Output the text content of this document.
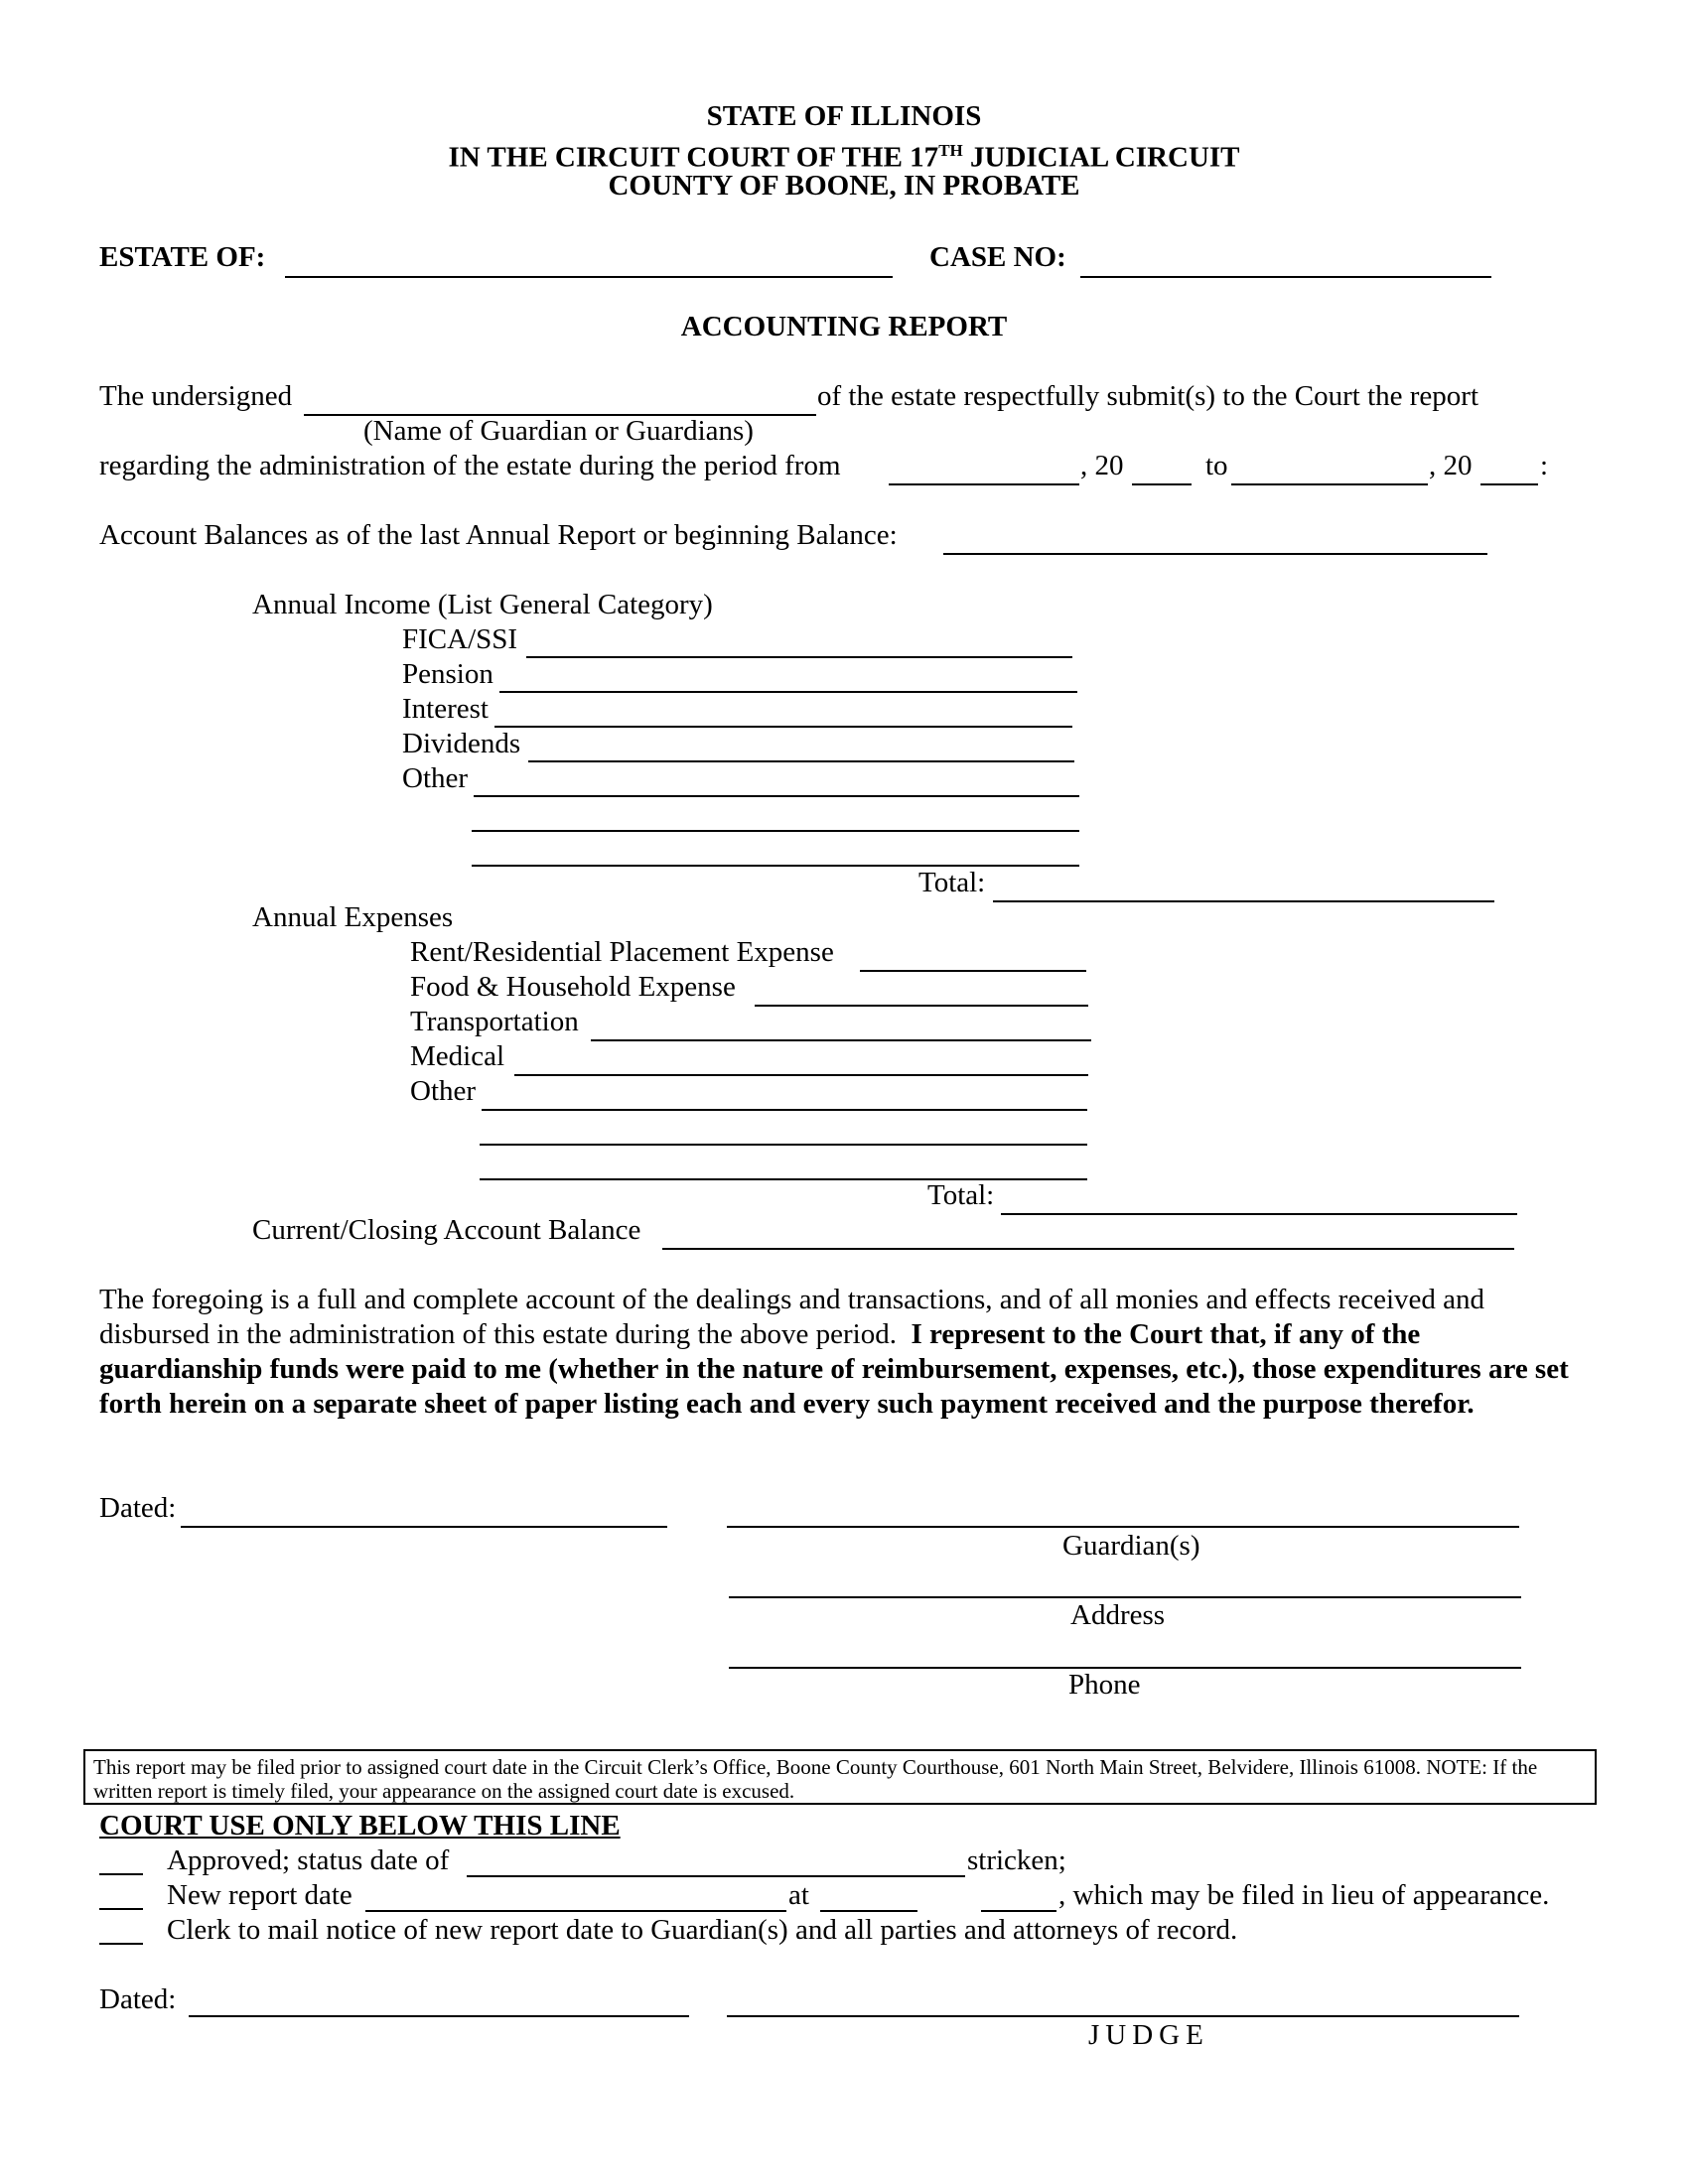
STATE OF ILLINOIS
IN THE CIRCUIT COURT OF THE 17TH JUDICIAL CIRCUIT
COUNTY OF BOONE, IN PROBATE
ESTATE OF:	CASE NO:
ACCOUNTING REPORT
The undersigned	of the estate respectfully submit(s) to the Court the report
(Name of Guardian or Guardians)
regarding the administration of the estate during the period from	, 20	to	, 20 :
Account Balances as of the last Annual Report or beginning Balance:
Annual Income (List General Category)
FICA/SSI
Pension
Interest
Dividends
Other
Total:
Annual Expenses
Rent/Residential Placement Expense
Food & Household Expense
Transportation
Medical
Other
Total:
Current/Closing Account Balance
The foregoing is a full and complete account of the dealings and transactions, and of all monies and effects received and disbursed in the administration of this estate during the above period. I represent to the Court that, if any of the guardianship funds were paid to me (whether in the nature of reimbursement, expenses, etc.), those expenditures are set forth herein on a separate sheet of paper listing each and every such payment received and the purpose therefor.
Dated:
Guardian(s)
Address
Phone
This report may be filed prior to assigned court date in the Circuit Clerk’s Office, Boone County Courthouse, 601 North Main Street, Belvidere, Illinois 61008. NOTE: If the written report is timely filed, your appearance on the assigned court date is excused.
COURT USE ONLY BELOW THIS LINE
Approved; status date of	stricken;
New report date	at	, which may be filed in lieu of appearance.
Clerk to mail notice of new report date to Guardian(s) and all parties and attorneys of record.
Dated:
JUDGE
